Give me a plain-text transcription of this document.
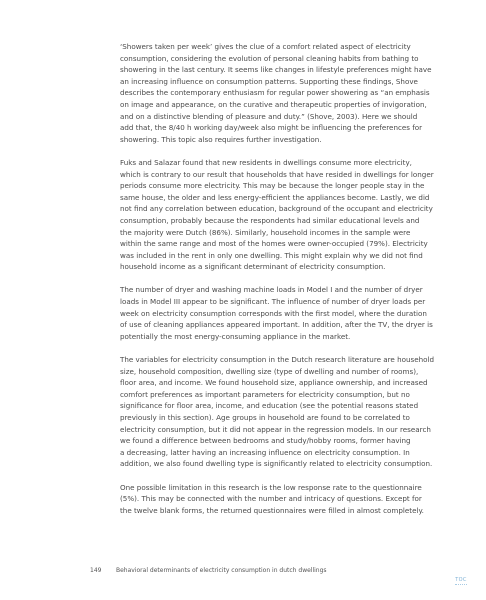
‘Showers taken per week’ gives the clue of a comfort related aspect of electricity
consumption, considering the evolution of personal cleaning habits from bathing to
showering in the last century. It seems like changes in lifestyle preferences might have
an increasing influence on consumption patterns. Supporting these findings, Shove
describes the contemporary enthusiasm for regular power showering as “an emphasis
on image and appearance, on the curative and therapeutic properties of invigoration,
and on a distinctive blending of pleasure and duty.” (Shove, 2003). Here we should
add that, the 8/40 h working day/week also might be influencing the preferences for
showering. This topic also requires further investigation.

Fuks and Salazar found that new residents in dwellings consume more electricity,
which is contrary to our result that households that have resided in dwellings for longer
periods consume more electricity. This may be because the longer people stay in the
same house, the older and less energy-efficient the appliances become. Lastly, we did
not find any correlation between education, background of the occupant and electricity
consumption, probably because the respondents had similar educational levels and
the majority were Dutch (86%). Similarly, household incomes in the sample were
within the same range and most of the homes were owner-occupied (79%). Electricity
was included in the rent in only one dwelling. This might explain why we did not find
household income as a significant determinant of electricity consumption.

The number of dryer and washing machine loads in Model I and the number of dryer
loads in Model III appear to be significant. The influence of number of dryer loads per
week on electricity consumption corresponds with the first model, where the duration
of use of cleaning appliances appeared important. In addition, after the TV, the dryer is
potentially the most energy-consuming appliance in the market.

The variables for electricity consumption in the Dutch research literature are household
size, household composition, dwelling size (type of dwelling and number of rooms),
floor area, and income. We found household size, appliance ownership, and increased
comfort preferences as important parameters for electricity consumption, but no
significance for floor area, income, and education (see the potential reasons stated
previously in this section). Age groups in household are found to be correlated to
electricity consumption, but it did not appear in the regression models. In our research
we found a difference between bedrooms and study/hobby rooms, former having
a decreasing, latter having an increasing influence on electricity consumption. In
addition, we also found dwelling type is significantly related to electricity consumption.

One possible limitation in this research is the low response rate to the questionnaire
(5%). This may be connected with the number and intricacy of questions. Except for
the twelve blank forms, the returned questionnaires were filled in almost completely.

149 Behavioral determinants of electricity consumption in dutch dwellings
TOC
